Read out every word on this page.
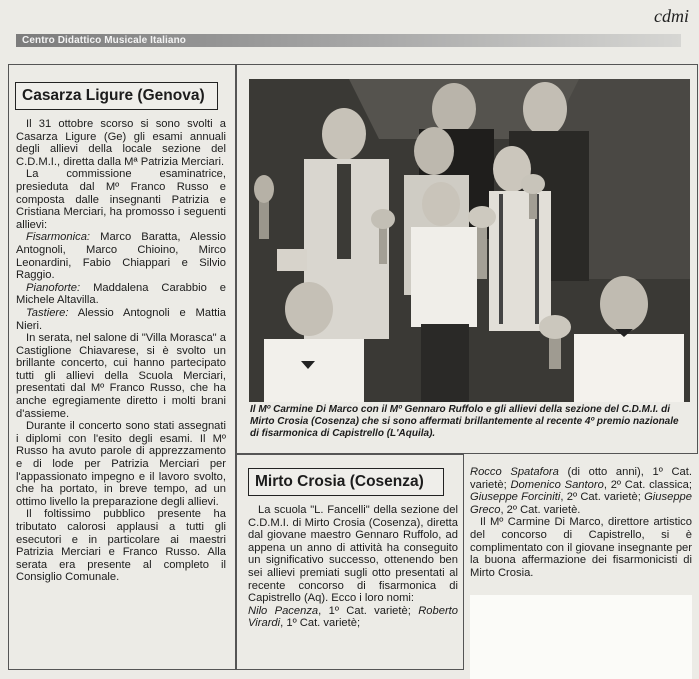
cdmi
Centro Didattico Musicale Italiano
Casarza Ligure (Genova)

Il 31 ottobre scorso si sono svolti a Casarza Ligure (Ge) gli esami annuali degli allievi della locale sezione del C.D.M.I., diretta dalla Mª Patrizia Merciari.

La commissione esaminatrice, presieduta dal Mº Franco Russo e composta dalle insegnanti Patrizia e Cristiana Merciari, ha promosso i seguenti allievi:

Fisarmonica: Marco Baratta, Alessio Antognoli, Marco Chioino, Mirco Leonardini, Fabio Chiappari e Silvio Raggio.

Pianoforte: Maddalena Carabbio e Michele Altavilla.

Tastiere: Alessio Antognoli e Mattia Nieri.

In serata, nel salone di "Villa Morasca" a Castiglione Chiavarese, si è svolto un brillante concerto, cui hanno partecipato tutti gli allievi della Scuola Merciari, presentati dal Mº Franco Russo, che ha anche egregiamente diretto i molti brani d'assieme.

Durante il concerto sono stati assegnati i diplomi con l'esito degli esami. Il Mº Russo ha avuto parole di apprezzamento e di lode per Patrizia Merciari per l'appassionato impegno e il lavoro svolto, che ha portato, in breve tempo, ad un ottimo livello la preparazione degli allievi.

Il foltissimo pubblico presente ha tributato calorosi applausi a tutti gli esecutori e in particolare ai maestri Patrizia Merciari e Franco Russo. Alla serata era presente al completo il Consiglio Comunale.

Il Mº Carmine Di Marco con il Mº Gennaro Ruffolo e gli allievi della sezione del C.D.M.I. di Mirto Crosia (Cosenza) che si sono affermati brillantemente al recente 4º premio nazionale di fisarmonica di Capistrello (L'Aquila).
Mirto Crosia (Cosenza)

La scuola "L. Fancelli" della sezione del C.D.M.I. di Mirto Crosia (Cosenza), diretta dal giovane maestro Gennaro Ruffolo, ad appena un anno di attività ha conseguito un significativo successo, ottenendo ben sei allievi premiati sugli otto presentati al recente concorso di fisarmonica di Capistrello (Aq). Ecco i loro nomi:

Nilo Pacenza, 1º Cat. varietè; Roberto Virardi, 1º Cat. varietè;

Rocco Spatafora (di otto anni), 1º Cat. varietè; Domenico Santoro, 2º Cat. classica; Giuseppe Forciniti, 2º Cat. varietè; Giuseppe Greco, 2º Cat. varietè.

Il Mº Carmine Di Marco, direttore artistico del concorso di Capistrello, si è complimentato con il giovane insegnante per la buona affermazione dei fisarmonicisti di Mirto Crosia.
